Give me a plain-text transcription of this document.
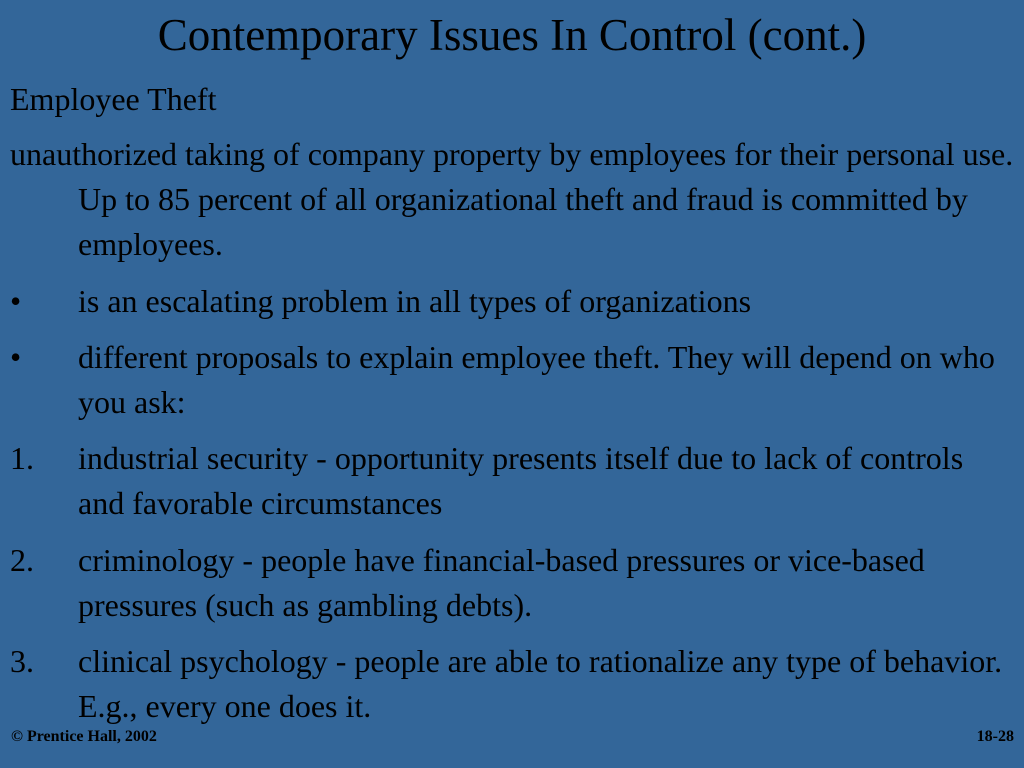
Contemporary Issues In Control (cont.)
Employee Theft
unauthorized taking of company property by employees for their personal use. Up to 85 percent of all organizational theft and fraud is committed by employees.
•	is an escalating problem in all types of organizations
•	different proposals to explain employee theft. They will depend on who you ask:
1.	industrial security - opportunity presents itself due to lack of controls and favorable circumstances
2.	criminology - people have financial-based pressures or vice-based pressures (such as gambling debts).
3.	clinical psychology - people are able to rationalize any type of behavior. E.g., every one does it.
© Prentice Hall, 2002	18-28
